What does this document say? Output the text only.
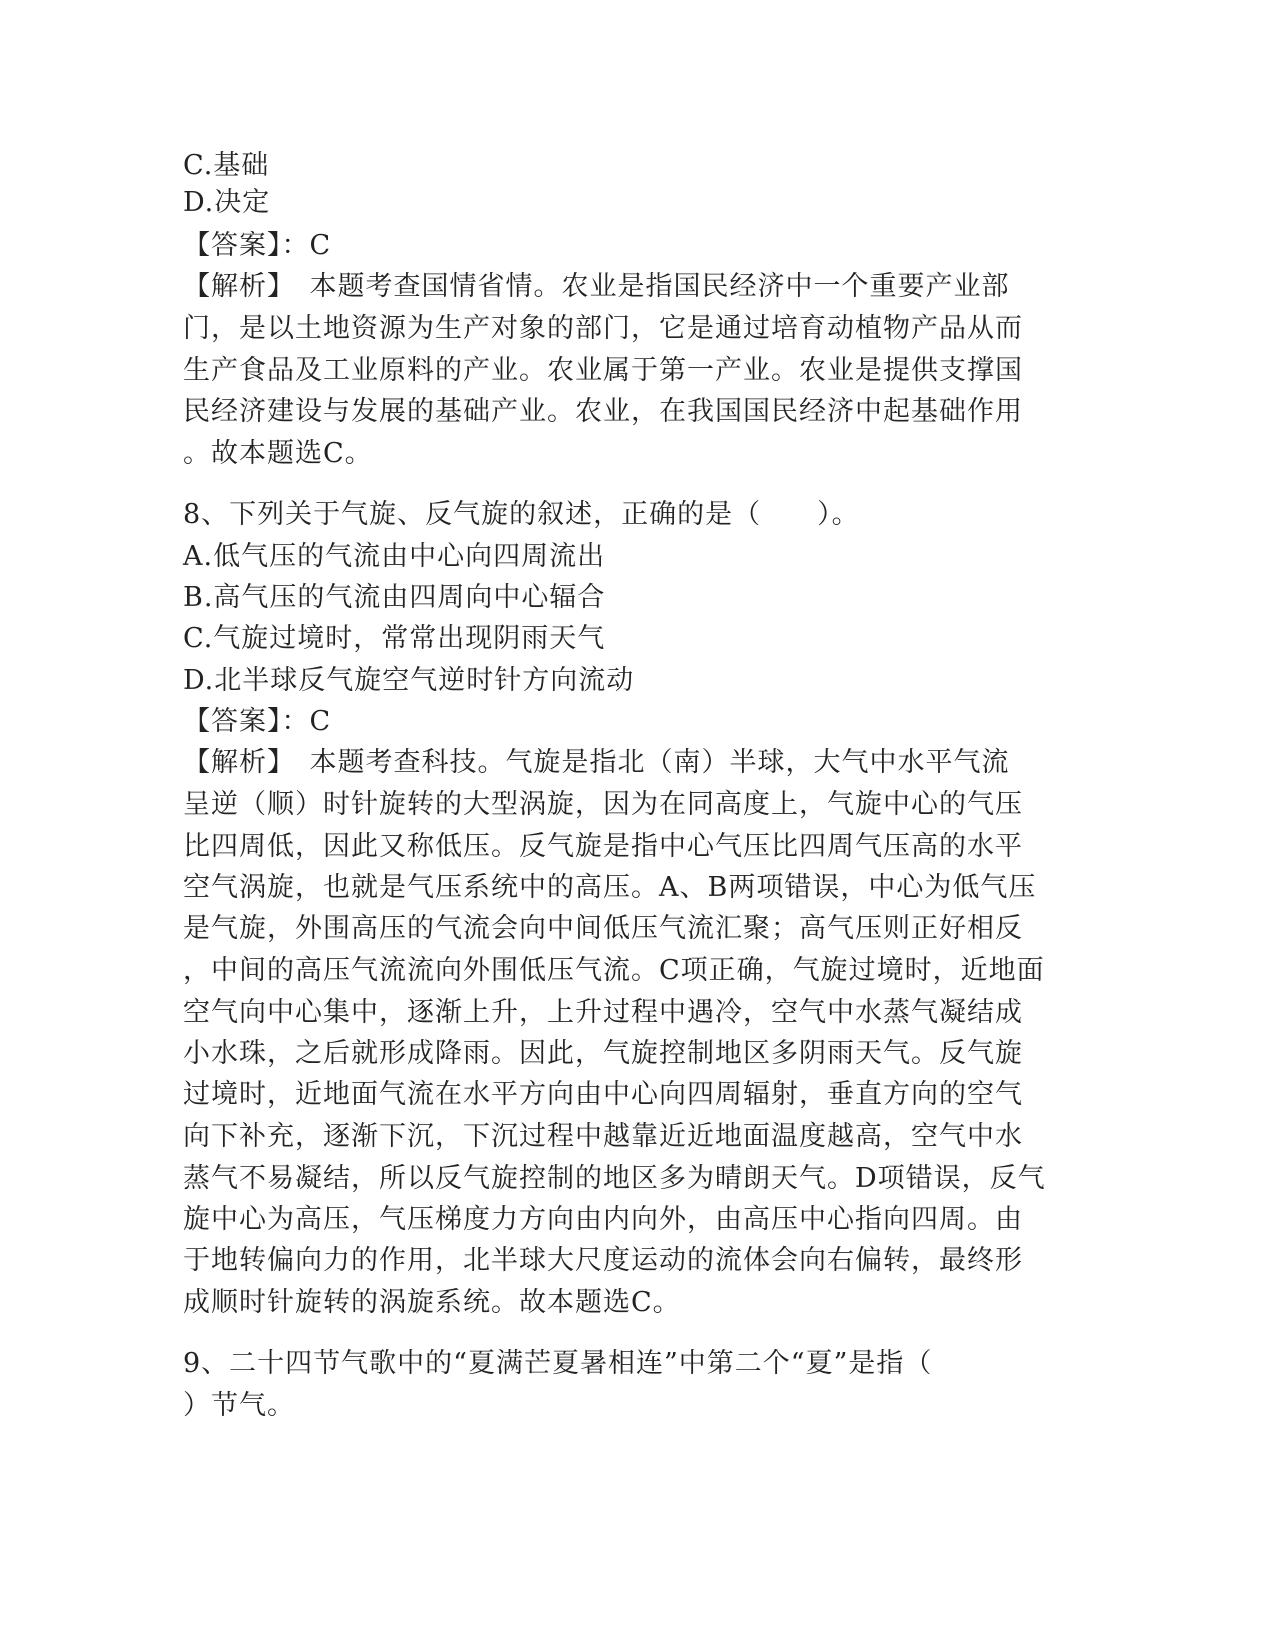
C.基础
D.决定
【答案】：C
【解析】　本题考查国情省情。农业是指国民经济中一个重要产业部
门，是以土地资源为生产对象的部门，它是通过培育动植物产品从而
生产食品及工业原料的产业。农业属于第一产业。农业是提供支撑国
民经济建设与发展的基础产业。农业，在我国国民经济中起基础作用
。故本题选C。
8、下列关于气旋、反气旋的叙述，正确的是（　　）。
A.低气压的气流由中心向四周流出
B.高气压的气流由四周向中心辐合
C.气旋过境时，常常出现阴雨天气
D.北半球反气旋空气逆时针方向流动
【答案】：C
【解析】　本题考查科技。气旋是指北（南）半球，大气中水平气流
呈逆（顺）时针旋转的大型涡旋，因为在同高度上，气旋中心的气压
比四周低，因此又称低压。反气旋是指中心气压比四周气压高的水平
空气涡旋，也就是气压系统中的高压。A、B两项错误，中心为低气压
是气旋，外围高压的气流会向中间低压气流汇聚；高气压则正好相反
，中间的高压气流流向外围低压气流。C项正确，气旋过境时，近地面
空气向中心集中，逐渐上升，上升过程中遇冷，空气中水蒸气凝结成
小水珠，之后就形成降雨。因此，气旋控制地区多阴雨天气。反气旋
过境时，近地面气流在水平方向由中心向四周辐射，垂直方向的空气
向下补充，逐渐下沉，下沉过程中越靠近近地面温度越高，空气中水
蒸气不易凝结，所以反气旋控制的地区多为晴朗天气。D项错误，反气
旋中心为高压，气压梯度力方向由内向外，由高压中心指向四周。由
于地转偏向力的作用，北半球大尺度运动的流体会向右偏转，最终形
成顺时针旋转的涡旋系统。故本题选C。
9、二十四节气歌中的“夏满芒夏暑相连”中第二个“夏”是指（
）节气。
